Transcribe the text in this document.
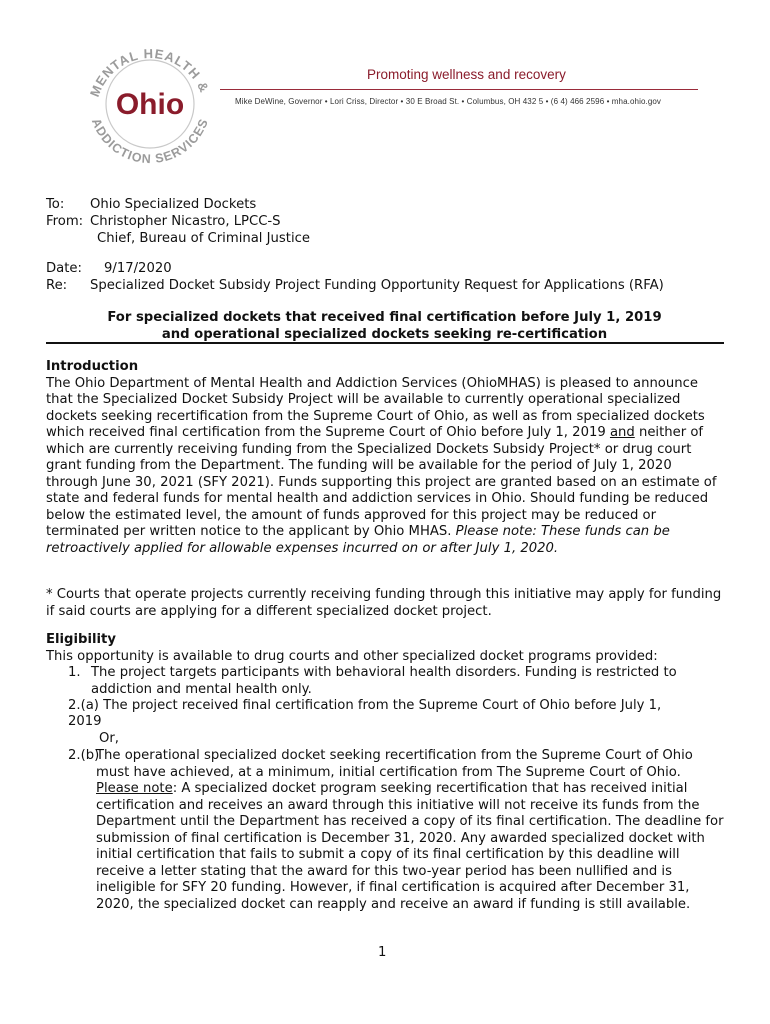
MENTAL HEALTH &
ADDICTION SERVICES
Ohio
Promoting wellness and recovery
Mike DeWine, Governor • Lori Criss, Director • 30 E Broad St. • Columbus, OH 432 5 • (6 4) 466 2596 • mha.ohio.gov
To: Ohio Specialized Dockets
From: Christopher Nicastro, LPCC-S
Chief, Bureau of Criminal Justice
Date: 9/17/2020
Re: Specialized Docket Subsidy Project Funding Opportunity Request for Applications (RFA)
For specialized dockets that received final certification before July 1, 2019
and operational specialized dockets seeking re-certification

Introduction

The Ohio Department of Mental Health and Addiction Services (OhioMHAS) is pleased to announce that the Specialized Docket Subsidy Project will be available to currently operational specialized dockets seeking recertification from the Supreme Court of Ohio, as well as from specialized dockets which received final certification from the Supreme Court of Ohio before July 1, 2019 and neither of which are currently receiving funding from the Specialized Dockets Subsidy Project* or drug court grant funding from the Department. The funding will be available for the period of July 1, 2020 through June 30, 2021 (SFY 2021). Funds supporting this project are granted based on an estimate of state and federal funds for mental health and addiction services in Ohio. Should funding be reduced below the estimated level, the amount of funds approved for this project may be reduced or terminated per written notice to the applicant by Ohio MHAS. Please note: These funds can be retroactively applied for allowable expenses incurred on or after July 1, 2020.

* Courts that operate projects currently receiving funding through this initiative may apply for funding if said courts are applying for a different specialized docket project.

Eligibility

This opportunity is available to drug courts and other specialized docket programs provided:

1. The project targets participants with behavioral health disorders. Funding is restricted to addiction and mental health only.
2.(a) The project received final certification from the Supreme Court of Ohio before July 1,
2019
Or,
2.(b)
The operational specialized docket seeking recertification from the Supreme Court of Ohio must have achieved, at a minimum, initial certification from The Supreme Court of Ohio. Please note: A specialized docket program seeking recertification that has received initial certification and receives an award through this initiative will not receive its funds from the Department until the Department has received a copy of its final certification. The deadline for submission of final certification is December 31, 2020. Any awarded specialized docket with initial certification that fails to submit a copy of its final certification by this deadline will receive a letter stating that the award for this two-year period has been nullified and is ineligible for SFY 20 funding. However, if final certification is acquired after December 31, 2020, the specialized docket can reapply and receive an award if funding is still available.
1
